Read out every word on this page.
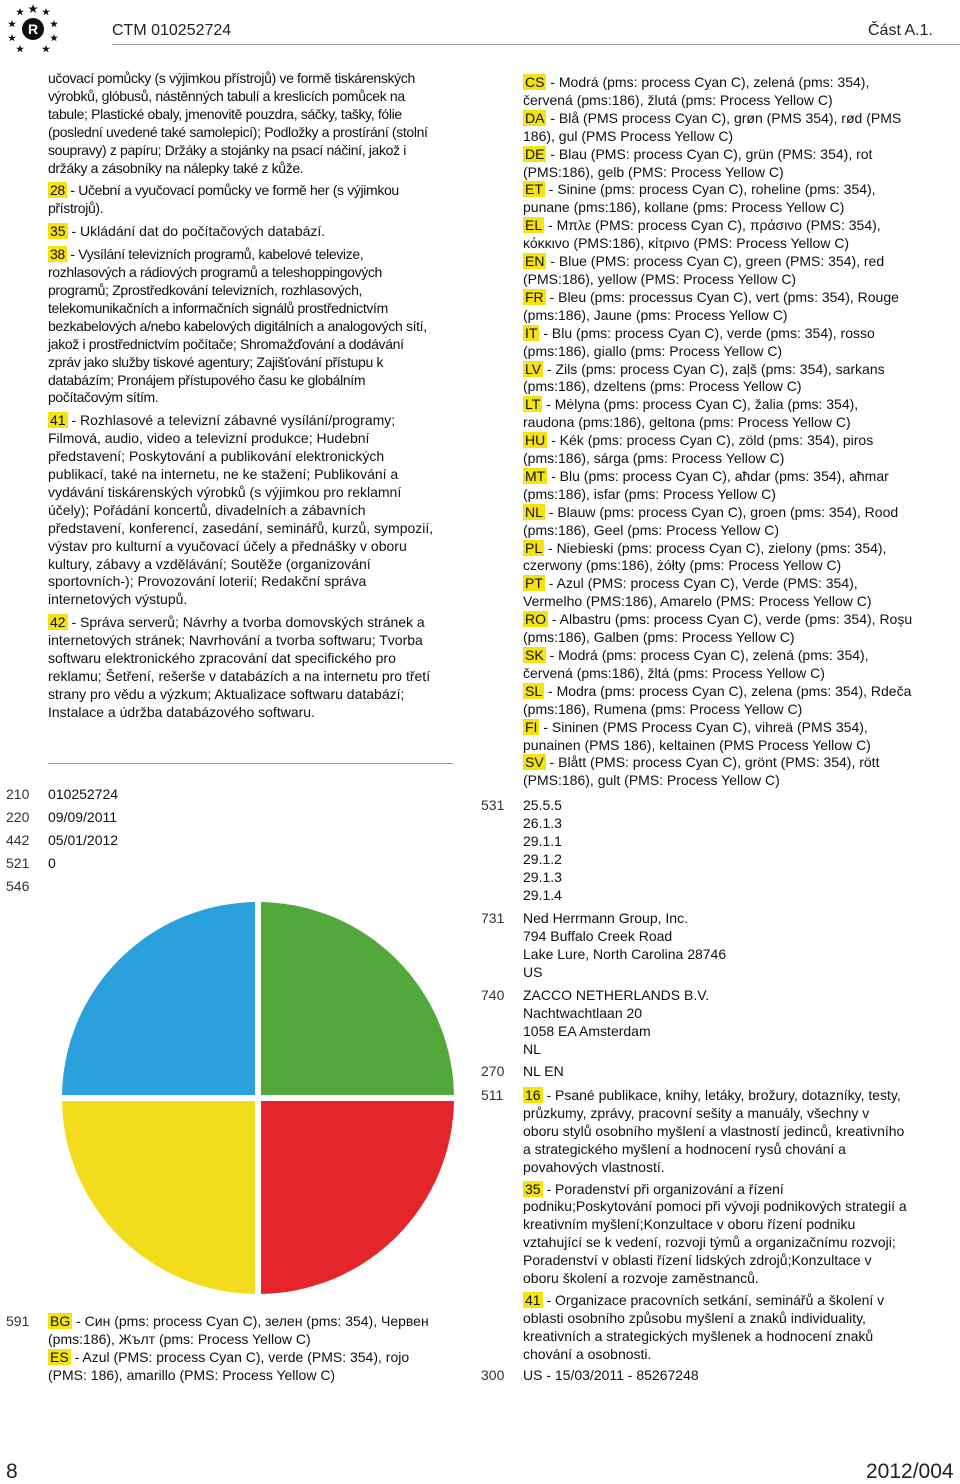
R	CTM 010252724	Část A.1.

učovací pomůcky (s výjimkou přístrojů) ve formě tiskárenských výrobků, glóbusů, nástěnných tabulí a kreslicích pomůcek na tabule; Plastické obaly, jmenovitě pouzdra, sáčky, tašky, fólie (poslední uvedené také samolepicí); Podložky a prostírání (stolní soupravy) z papíru; Držáky a stojánky na psací náčiní, jakož i držáky a zásobníky na nálepky také z kůže.

28 - Učební a vyučovací pomůcky ve formě her (s výjimkou přístrojů).

35 - Ukládání dat do počítačových databází.

38 - Vysílání televizních programů, kabelové televize, rozhlasových a rádiových programů a teleshoppingových programů; Zprostředkování televizních, rozhlasových, telekomunikačních a informačních signálů prostřednictvím bezkabelových a/nebo kabelových digitálních a analogových sítí, jakož i prostřednictvím počítače; Shromažďování a dodávání zpráv jako služby tiskové agentury; Zajišťování přístupu k databázím; Pronájem přístupového času ke globálním počítačovým sítím.

41 - Rozhlasové a televizní zábavné vysílání/programy; Filmová, audio, video a televizní produkce; Hudební představení; Poskytování a publikování elektronických publikací, také na internetu, ne ke stažení; Publikování a vydávání tiskárenských výrobků (s výjimkou pro reklamní účely); Pořádání koncertů, divadelních a zábavních představení, konferencí, zasedání, seminářů, kurzů, sympozií, výstav pro kulturní a vyučovací účely a přednášky v oboru kultury, zábavy a vzdělávání; Soutěže (organizování sportovních-); Provozování loterií; Redakční správa internetových výstupů.

42 - Správa serverů; Návrhy a tvorba domovských stránek a internetových stránek; Navrhování a tvorba softwaru; Tvorba softwaru elektronického zpracování dat specifického pro reklamu; Šetření, rešerše v databázích a na internetu pro třetí strany pro vědu a výzkum; Aktualizace softwaru databází; Instalace a údržba databázového softwaru.

210 010252724
220 09/09/2011
442 05/01/2012
521 0
546
591 BG - Син (pms: process Cyan C), зелен (pms: 354), Червен (pms:186), Жълт (pms: Process Yellow C)

ES - Azul (PMS: process Cyan C), verde (PMS: 354), rojo (PMS: 186), amarillo (PMS: Process Yellow C)

CS - Modrá (pms: process Cyan C), zelená (pms: 354), červená (pms:186), žlutá (pms: Process Yellow C)

DA - Blå (PMS process Cyan C), grøn (PMS 354), rød (PMS 186), gul (PMS Process Yellow C)

DE - Blau (PMS: process Cyan C), grün (PMS: 354), rot (PMS:186), gelb (PMS: Process Yellow C)

ET - Sinine (pms: process Cyan C), roheline (pms: 354), punane (pms:186), kollane (pms: Process Yellow C)

EL - Μπλε (PMS: process Cyan C), πράσινο (PMS: 354), κόκκινο (PMS:186), κίτρινο (PMS: Process Yellow C)

EN - Blue (PMS: process Cyan C), green (PMS: 354), red (PMS:186), yellow (PMS: Process Yellow C)

FR - Bleu (pms: processus Cyan C), vert (pms: 354), Rouge (pms:186), Jaune (pms: Process Yellow C)

IT - Blu (pms: process Cyan C), verde (pms: 354), rosso (pms:186), giallo (pms: Process Yellow C)

LV - Zils (pms: process Cyan C), zaļš (pms: 354), sarkans (pms:186), dzeltens (pms: Process Yellow C)

LT - Mėlyna (pms: process Cyan C), žalia (pms: 354), raudona (pms:186), geltona (pms: Process Yellow C)

HU - Kék (pms: process Cyan C), zöld (pms: 354), piros (pms:186), sárga (pms: Process Yellow C)

MT - Blu (pms: process Cyan C), aħdar (pms: 354), aħmar (pms:186), isfar (pms: Process Yellow C)

NL - Blauw (pms: process Cyan C), groen (pms: 354), Rood (pms:186), Geel (pms: Process Yellow C)

PL - Niebieski (pms: process Cyan C), zielony (pms: 354), czerwony (pms:186), żółty (pms: Process Yellow C)

PT - Azul (PMS: process Cyan C), Verde (PMS: 354), Vermelho (PMS:186), Amarelo (PMS: Process Yellow C)

RO - Albastru (pms: process Cyan C), verde (pms: 354), Roșu (pms:186), Galben (pms: Process Yellow C)

SK - Modrá (pms: process Cyan C), zelená (pms: 354), červená (pms:186), žltá (pms: Process Yellow C)

SL - Modra (pms: process Cyan C), zelena (pms: 354), Rdeča (pms:186), Rumena (pms: Process Yellow C)

FI - Sininen (PMS Process Cyan C), vihreä (PMS 354), punainen (PMS 186), keltainen (PMS Process Yellow C)

SV - Blått (PMS: process Cyan C), grönt (PMS: 354), rött (PMS:186), gult (PMS: Process Yellow C)

531 25.5.5

26.1.3

29.1.1

29.1.2

29.1.3

29.1.4

731 Ned Herrmann Group, Inc.

794 Buffalo Creek Road

Lake Lure, North Carolina 28746

US

740 ZACCO NETHERLANDS B.V.

Nachtwachtlaan 20

1058 EA Amsterdam

NL

270 NL EN
511 16 - Psané publikace, knihy, letáky, brožury, dotazníky, testy, průzkumy, zprávy, pracovní sešity a manuály, všechny v oboru stylů osobního myšlení a vlastností jedinců, kreativního a strategického myšlení a hodnocení rysů chování a povahových vlastností.

35 - Poradenství při organizování a řízení podniku;Poskytování pomoci při vývoji podnikových strategií a kreativním myšlení;Konzultace v oboru řízení podniku vztahující se k vedení, rozvoji týmů a organizačnímu rozvoji; Poradenství v oblasti řízení lidských zdrojů;Konzultace v oboru školení a rozvoje zaměstnanců.

41 - Organizace pracovních setkání, seminářů a školení v oblasti osobního způsobu myšlení a znaků individuality, kreativních a strategických myšlenek a hodnocení znaků chování a osobnosti.

300 US - 15/03/2011 - 85267248
8	2012/004
